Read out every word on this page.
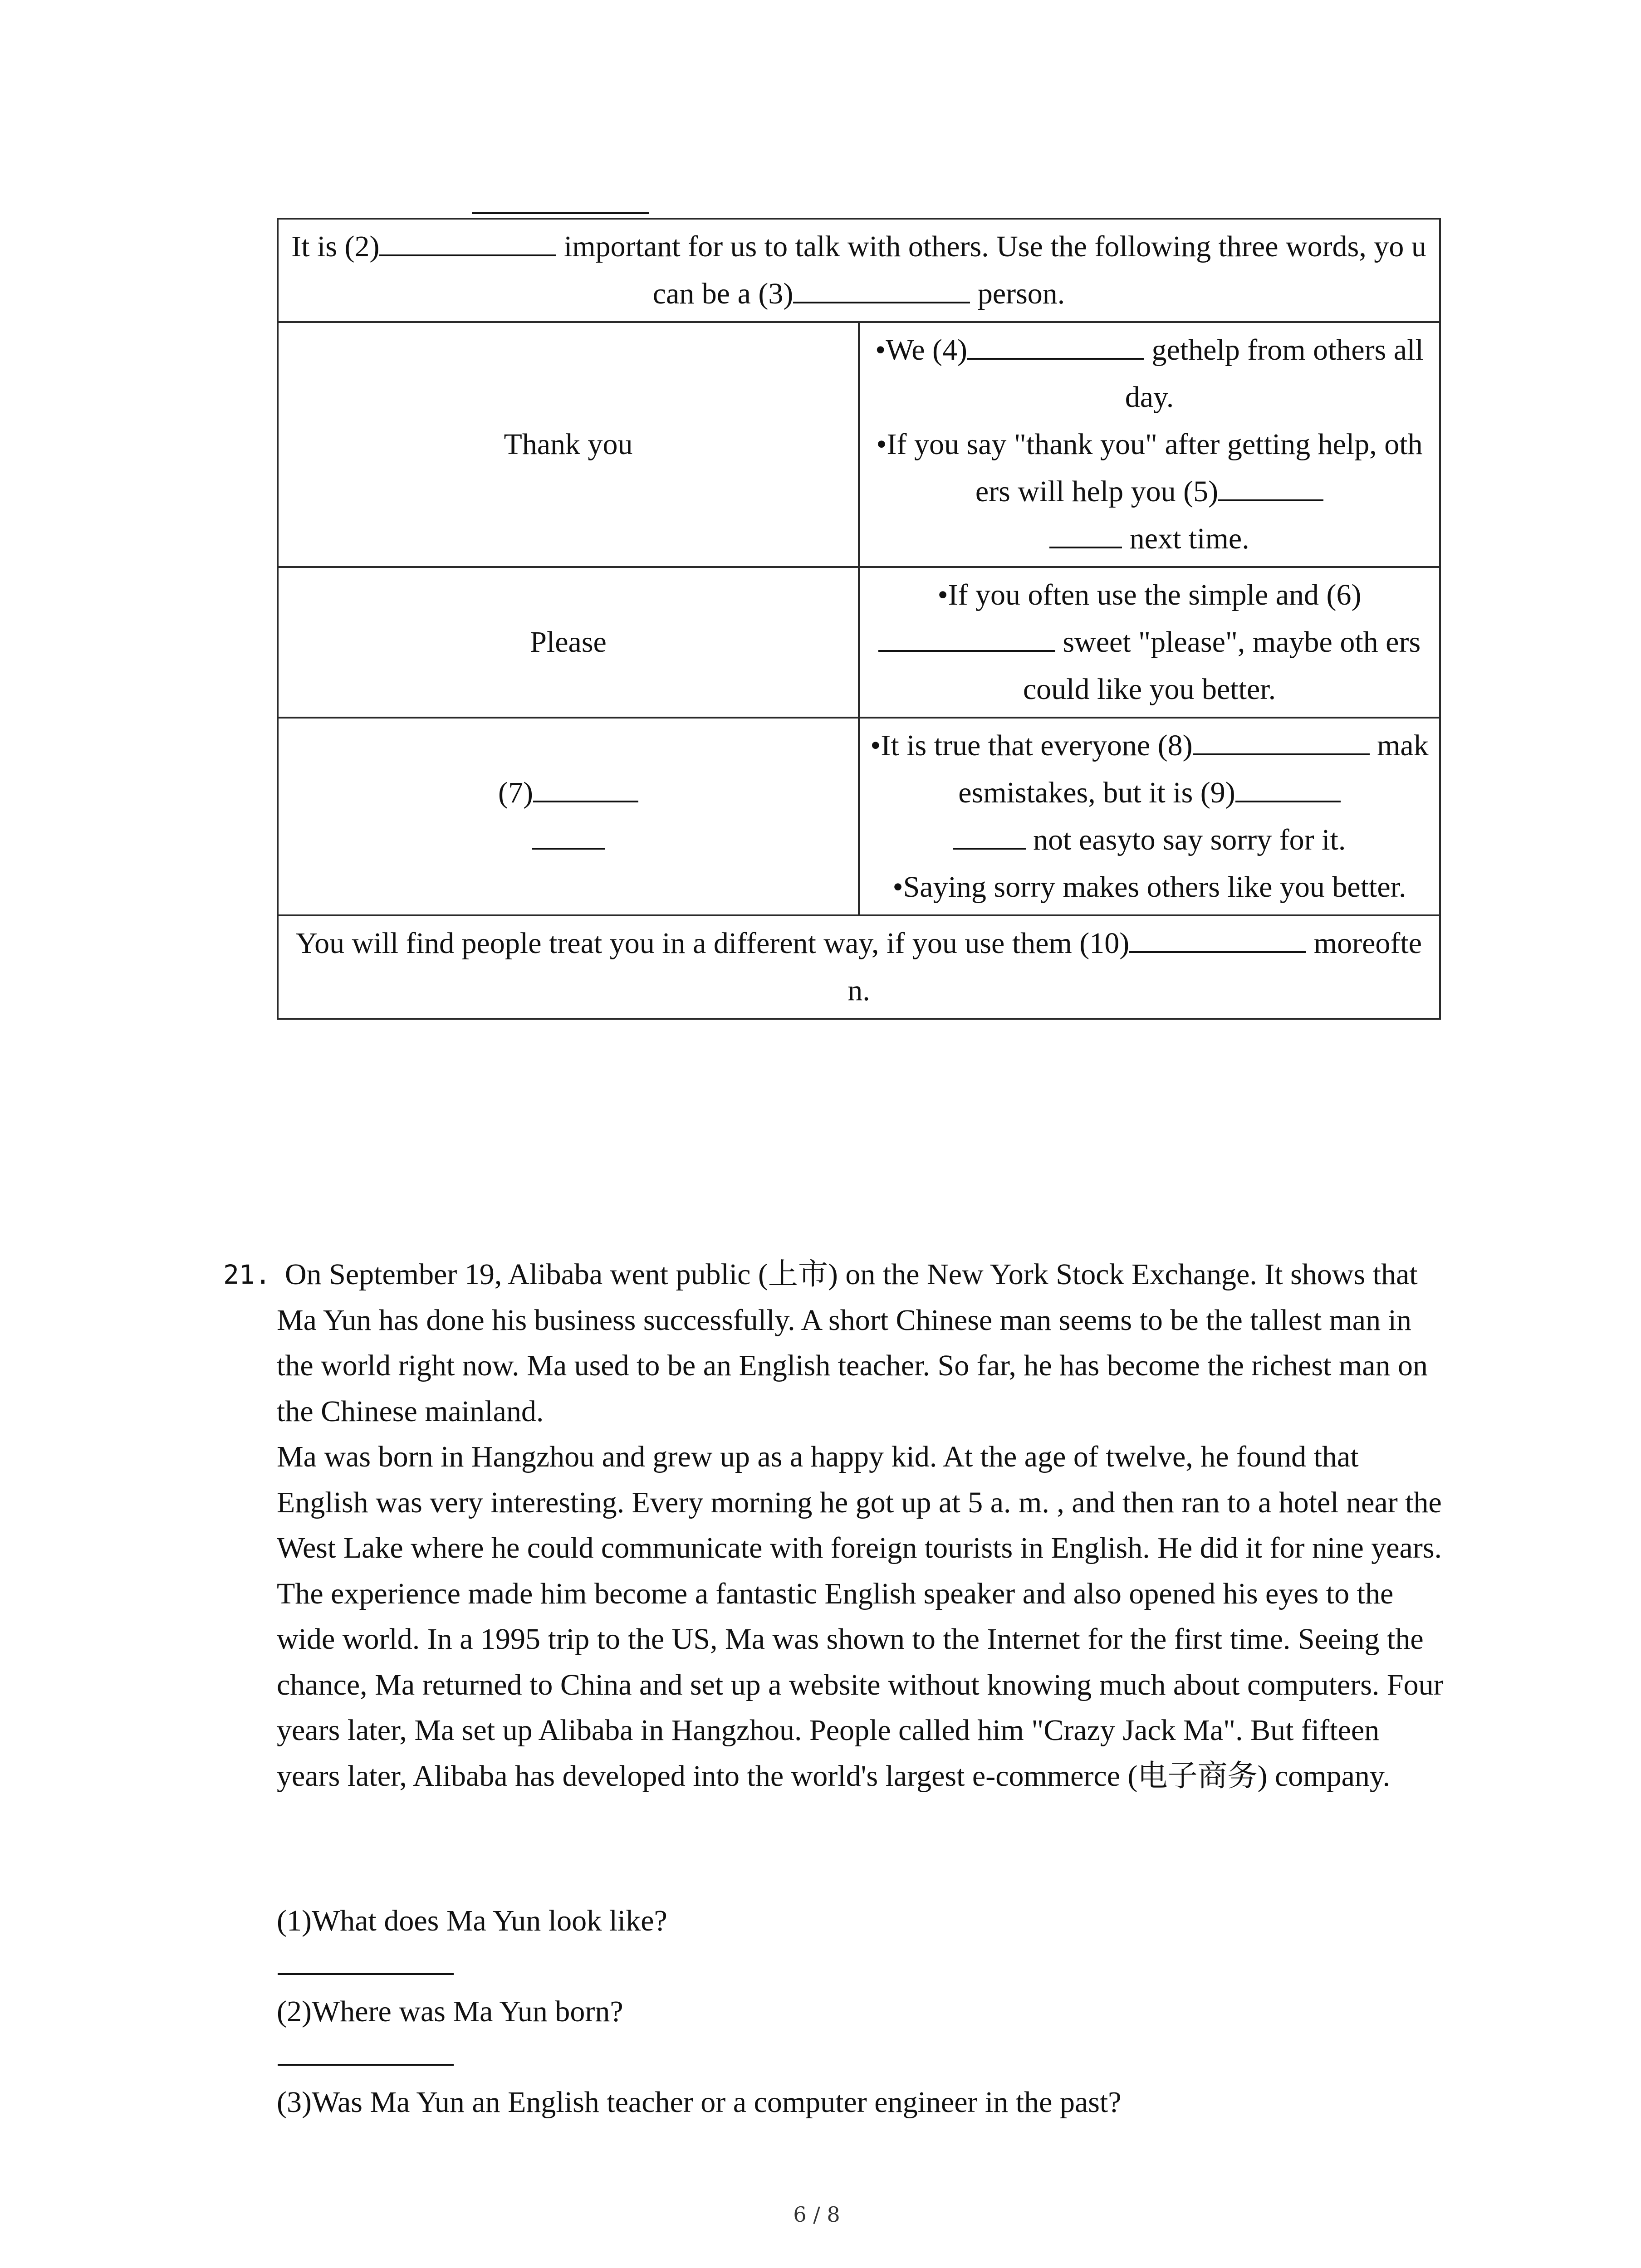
It is (2) important for us to talk with others. Use the following three words, yo u can be a (3) person.	
Thank you	•We (4) gethelp from others all day.
•If you say "thank you" after getting help, others will help you (5)
next time.

Please	•If you often use the simple and (6) sweet "please", maybe oth ers could like you better.
(7)	•It is true that everyone (8) makesmistakes, but it is (9)
not easyto say sorry for it.
•Saying sorry makes others like you better.

You will find people treat you in a different way, if you use them (10) moreofte n.	
21. On September 19, Alibaba went public (上市) on the New York Stock Exchange. It shows that Ma Yun has done his business successfully. A short Chinese man seems to be the tallest man in the world right now. Ma used to be an English teacher. So far, he has become the richest man on the Chinese mainland.

Ma was born in Hangzhou and grew up as a happy kid. At the age of twelve, he found that English was very interesting. Every morning he got up at 5 a. m. , and then ran to a hotel near the West Lake where he could communicate with foreign tourists in English. He did it for nine years. The experience made him become a fantastic English speaker and also opened his eyes to the wide world. In a 1995 trip to the US, Ma was shown to the Internet for the first time. Seeing the chance, Ma returned to China and set up a website without knowing much about computers. Four years later, Ma set up Alibaba in Hangzhou. People called him "Crazy Jack Ma". But fifteen years later, Alibaba has developed into the world's largest e-commerce (电子商务) company.

(1)What does Ma Yun look like?
(2)Where was Ma Yun born?
(3)Was Ma Yun an English teacher or a computer engineer in the past?
6 / 8
